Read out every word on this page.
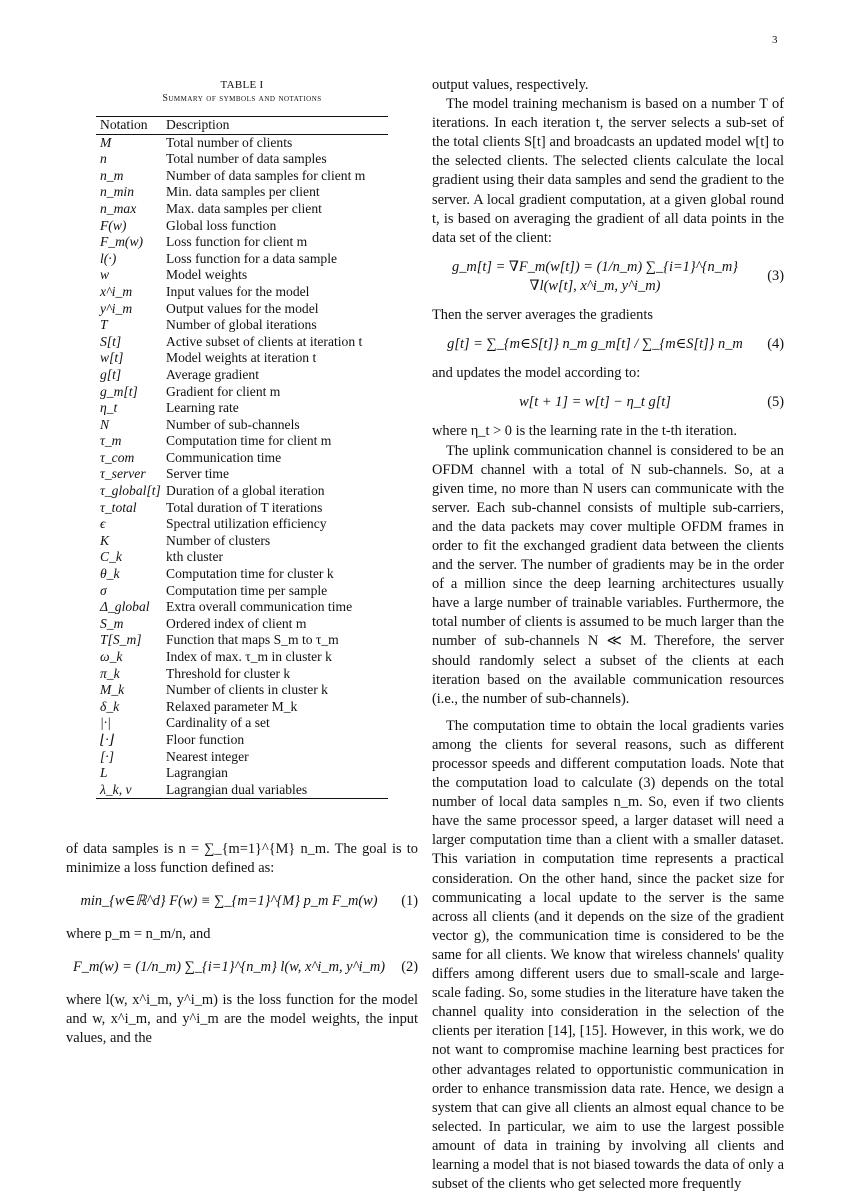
3
TABLE I
Summary of symbols and notations
Notation	Description
M	Total number of clients
n	Total number of data samples
n_m	Number of data samples for client m
n_min	Min. data samples per client
n_max	Max. data samples per client
F(w)	Global loss function
F_m(w)	Loss function for client m
l(·)	Loss function for a data sample
w	Model weights
x^i_m	Input values for the model
y^i_m	Output values for the model
T	Number of global iterations
S[t]	Active subset of clients at iteration t
w[t]	Model weights at iteration t
g[t]	Average gradient
g_m[t]	Gradient for client m
η_t	Learning rate
N	Number of sub-channels
τ_m	Computation time for client m
τ_com	Communication time
τ_server	Server time
τ_global[t]	Duration of a global iteration
τ_total	Total duration of T iterations
ϵ	Spectral utilization efficiency
K	Number of clusters
C_k	kth cluster
θ_k	Computation time for cluster k
σ	Computation time per sample
Δ_global	Extra overall communication time
S_m	Ordered index of client m
T[S_m]	Function that maps S_m to τ_m
ω_k	Index of max. τ_m in cluster k
π_k	Threshold for cluster k
M_k	Number of clients in cluster k
δ_k	Relaxed parameter M_k
|·|	Cardinality of a set
⌊·⌋	Floor function
[·]	Nearest integer
L	Lagrangian
λ_k, ν	Lagrangian dual variables

of data samples is n = ∑_{m=1}^{M} n_m. The goal is to minimize a loss function defined as:

min_{w∈ℝ^d} F(w) ≡ ∑_{m=1}^{M} p_m F_m(w)	(1)

where p_m = n_m/n, and

F_m(w) = (1/n_m) ∑_{i=1}^{n_m} l(w, x^i_m, y^i_m)	(2)

where l(w, x^i_m, y^i_m) is the loss function for the model and w, x^i_m, and y^i_m are the model weights, the input values, and the

output values, respectively.

The model training mechanism is based on a number T of iterations. In each iteration t, the server selects a sub-set of the total clients S[t] and broadcasts an updated model w[t] to the selected clients. The selected clients calculate the local gradient using their data samples and send the gradient to the server. A local gradient computation, at a given global round t, is based on averaging the gradient of all data points in the data set of the client:

g_m[t] = ∇F_m(w[t]) = (1/n_m) ∑_{i=1}^{n_m} ∇l(w[t], x^i_m, y^i_m)
(3)

Then the server averages the gradients

g[t] = ∑_{m∈S[t]} n_m g_m[t] / ∑_{m∈S[t]} n_m	(4)

and updates the model according to:

w[t + 1] = w[t] − η_t g[t]	(5)

where η_t > 0 is the learning rate in the t-th iteration.

The uplink communication channel is considered to be an OFDM channel with a total of N sub-channels. So, at a given time, no more than N users can communicate with the server. Each sub-channel consists of multiple sub-carriers, and the data packets may cover multiple OFDM frames in order to fit the exchanged gradient data between the clients and the server. The number of gradients may be in the order of a million since the deep learning architectures usually have a large number of trainable variables. Furthermore, the total number of clients is assumed to be much larger than the number of sub-channels N ≪ M. Therefore, the server should randomly select a subset of the clients at each iteration based on the available communication resources (i.e., the number of sub-channels).

The computation time to obtain the local gradients varies among the clients for several reasons, such as different processor speeds and different computation loads. Note that the computation load to calculate (3) depends on the total number of local data samples n_m. So, even if two clients have the same processor speed, a larger dataset will need a larger computation time than a client with a smaller dataset. This variation in computation time represents a practical consideration. On the other hand, since the packet size for communicating a local update to the server is the same across all clients (and it depends on the size of the gradient vector g), the communication time is considered to be the same for all clients. We know that wireless channels' quality differs among different users due to small-scale and large-scale fading. So, some studies in the literature have taken the channel quality into consideration in the selection of the clients per iteration [14], [15]. However, in this work, we do not want to compromise machine learning best practices for other advantages related to opportunistic communication in order to enhance transmission data rate. Hence, we design a system that can give all clients an almost equal chance to be selected. In particular, we aim to use the largest possible amount of data in training by involving all clients and learning a model that is not biased towards the data of only a subset of the clients who get selected more frequently
